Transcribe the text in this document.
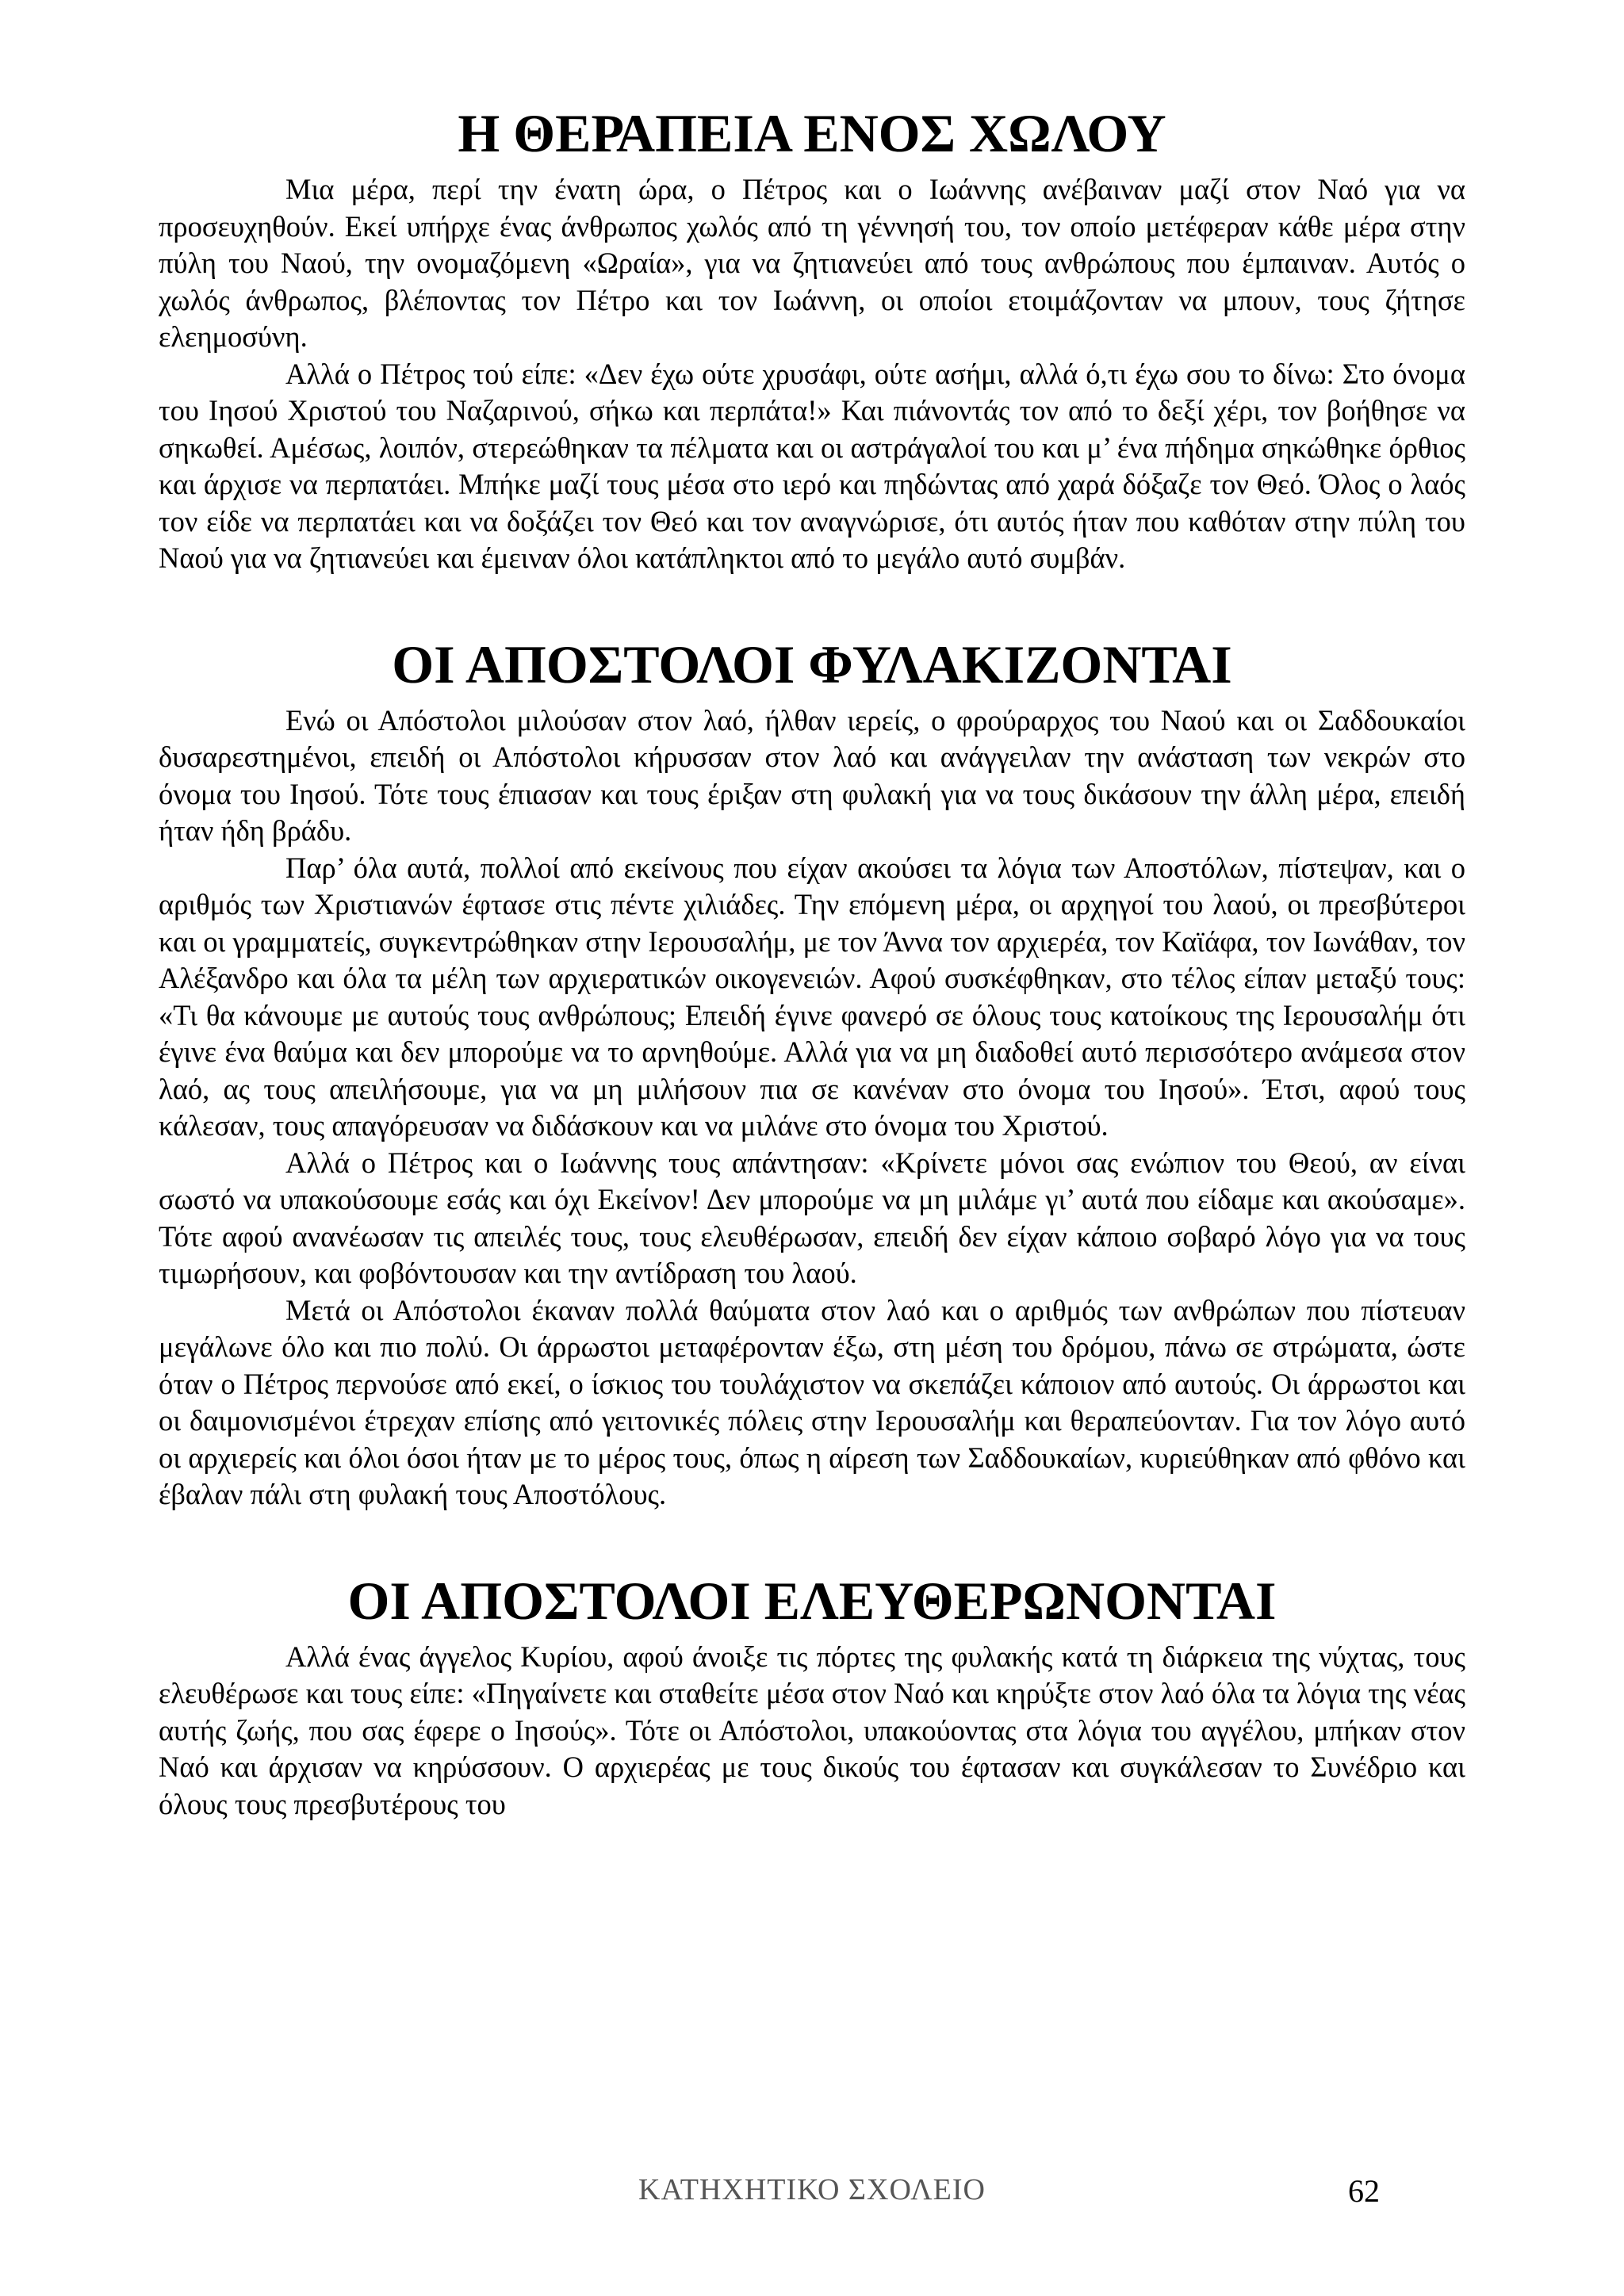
Η ΘΕΡΑΠΕΙΑ ΕΝΟΣ ΧΩΛΟΥ

Μια μέρα, περί την ένατη ώρα, ο Πέτρος και ο Ιωάννης ανέβαιναν μαζί στον Ναό για να προσευχηθούν. Εκεί υπήρχε ένας άνθρωπος χωλός από τη γέννησή του, τον οποίο μετέφεραν κάθε μέρα στην πύλη του Ναού, την ονομαζόμενη «Ωραία», για να ζητιανεύει από τους ανθρώπους που έμπαιναν. Αυτός ο χωλός άνθρωπος, βλέποντας τον Πέτρο και τον Ιωάννη, οι οποίοι ετοιμάζονταν να μπουν, τους ζήτησε ελεημοσύνη.

Αλλά ο Πέτρος τού είπε: «Δεν έχω ούτε χρυσάφι, ούτε ασήμι, αλλά ό,τι έχω σου το δίνω: Στο όνομα του Ιησού Χριστού του Ναζαρινού, σήκω και περπάτα!» Και πιάνοντάς τον από το δεξί χέρι, τον βοήθησε να σηκωθεί. Αμέσως, λοιπόν, στερεώθηκαν τα πέλματα και οι αστράγαλοί του και μ’ ένα πήδημα σηκώθηκε όρθιος και άρχισε να περπατάει. Μπήκε μαζί τους μέσα στο ιερό και πηδώντας από χαρά δόξαζε τον Θεό. Όλος ο λαός τον είδε να περπατάει και να δοξάζει τον Θεό και τον αναγνώρισε, ότι αυτός ήταν που καθόταν στην πύλη του Ναού για να ζητιανεύει και έμειναν όλοι κατάπληκτοι από το μεγάλο αυτό συμβάν.

ΟΙ ΑΠΟΣΤΟΛΟΙ ΦΥΛΑΚΙΖΟΝΤΑΙ

Ενώ οι Απόστολοι μιλούσαν στον λαό, ήλθαν ιερείς, ο φρούραρχος του Ναού και οι Σαδδουκαίοι δυσαρεστημένοι, επειδή οι Απόστολοι κήρυσσαν στον λαό και ανάγγειλαν την ανάσταση των νεκρών στο όνομα του Ιησού. Τότε τους έπιασαν και τους έριξαν στη φυλακή για να τους δικάσουν την άλλη μέρα, επειδή ήταν ήδη βράδυ.

Παρ’ όλα αυτά, πολλοί από εκείνους που είχαν ακούσει τα λόγια των Αποστόλων, πίστεψαν, και ο αριθμός των Χριστιανών έφτασε στις πέντε χιλιάδες. Την επόμενη μέρα, οι αρχηγοί του λαού, οι πρεσβύτεροι και οι γραμματείς, συγκεντρώθηκαν στην Ιερουσαλήμ, με τον Άννα τον αρχιερέα, τον Καϊάφα, τον Ιωνάθαν, τον Αλέξανδρο και όλα τα μέλη των αρχιερατικών οικογενειών. Αφού συσκέφθηκαν, στο τέλος είπαν μεταξύ τους: «Τι θα κάνουμε με αυτούς τους ανθρώπους; Επειδή έγινε φανερό σε όλους τους κατοίκους της Ιερουσαλήμ ότι έγινε ένα θαύμα και δεν μπορούμε να το αρνηθούμε. Αλλά για να μη διαδοθεί αυτό περισσότερο ανάμεσα στον λαό, ας τους απειλήσουμε, για να μη μιλήσουν πια σε κανέναν στο όνομα του Ιησού». Έτσι, αφού τους κάλεσαν, τους απαγόρευσαν να διδάσκουν και να μιλάνε στο όνομα του Χριστού.

Αλλά ο Πέτρος και ο Ιωάννης τους απάντησαν: «Κρίνετε μόνοι σας ενώπιον του Θεού, αν είναι σωστό να υπακούσουμε εσάς και όχι Εκείνον! Δεν μπορούμε να μη μιλάμε γι’ αυτά που είδαμε και ακούσαμε». Τότε αφού ανανέωσαν τις απειλές τους, τους ελευθέρωσαν, επειδή δεν είχαν κάποιο σοβαρό λόγο για να τους τιμωρήσουν, και φοβόντουσαν και την αντίδραση του λαού.

Μετά οι Απόστολοι έκαναν πολλά θαύματα στον λαό και ο αριθμός των ανθρώπων που πίστευαν μεγάλωνε όλο και πιο πολύ. Οι άρρωστοι μεταφέρονταν έξω, στη μέση του δρόμου, πάνω σε στρώματα, ώστε όταν ο Πέτρος περνούσε από εκεί, ο ίσκιος του τουλάχιστον να σκεπάζει κάποιον από αυτούς. Οι άρρωστοι και οι δαιμονισμένοι έτρεχαν επίσης από γειτονικές πόλεις στην Ιερουσαλήμ και θεραπεύονταν. Για τον λόγο αυτό οι αρχιερείς και όλοι όσοι ήταν με το μέρος τους, όπως η αίρεση των Σαδδουκαίων, κυριεύθηκαν από φθόνο και έβαλαν πάλι στη φυλακή τους Αποστόλους.

ΟΙ ΑΠΟΣΤΟΛΟΙ ΕΛΕΥΘΕΡΩΝΟΝΤΑΙ

Αλλά ένας άγγελος Κυρίου, αφού άνοιξε τις πόρτες της φυλακής κατά τη διάρκεια της νύχτας, τους ελευθέρωσε και τους είπε: «Πηγαίνετε και σταθείτε μέσα στον Ναό και κηρύξτε στον λαό όλα τα λόγια της νέας αυτής ζωής, που σας έφερε ο Ιησούς». Τότε οι Απόστολοι, υπακούοντας στα λόγια του αγγέλου, μπήκαν στον Ναό και άρχισαν να κηρύσσουν. Ο αρχιερέας με τους δικούς του έφτασαν και συγκάλεσαν το Συνέδριο και όλους τους πρεσβυτέρους του

ΚΑΤΗΧΗΤΙΚΟ ΣΧΟΛΕΙΟ	62
